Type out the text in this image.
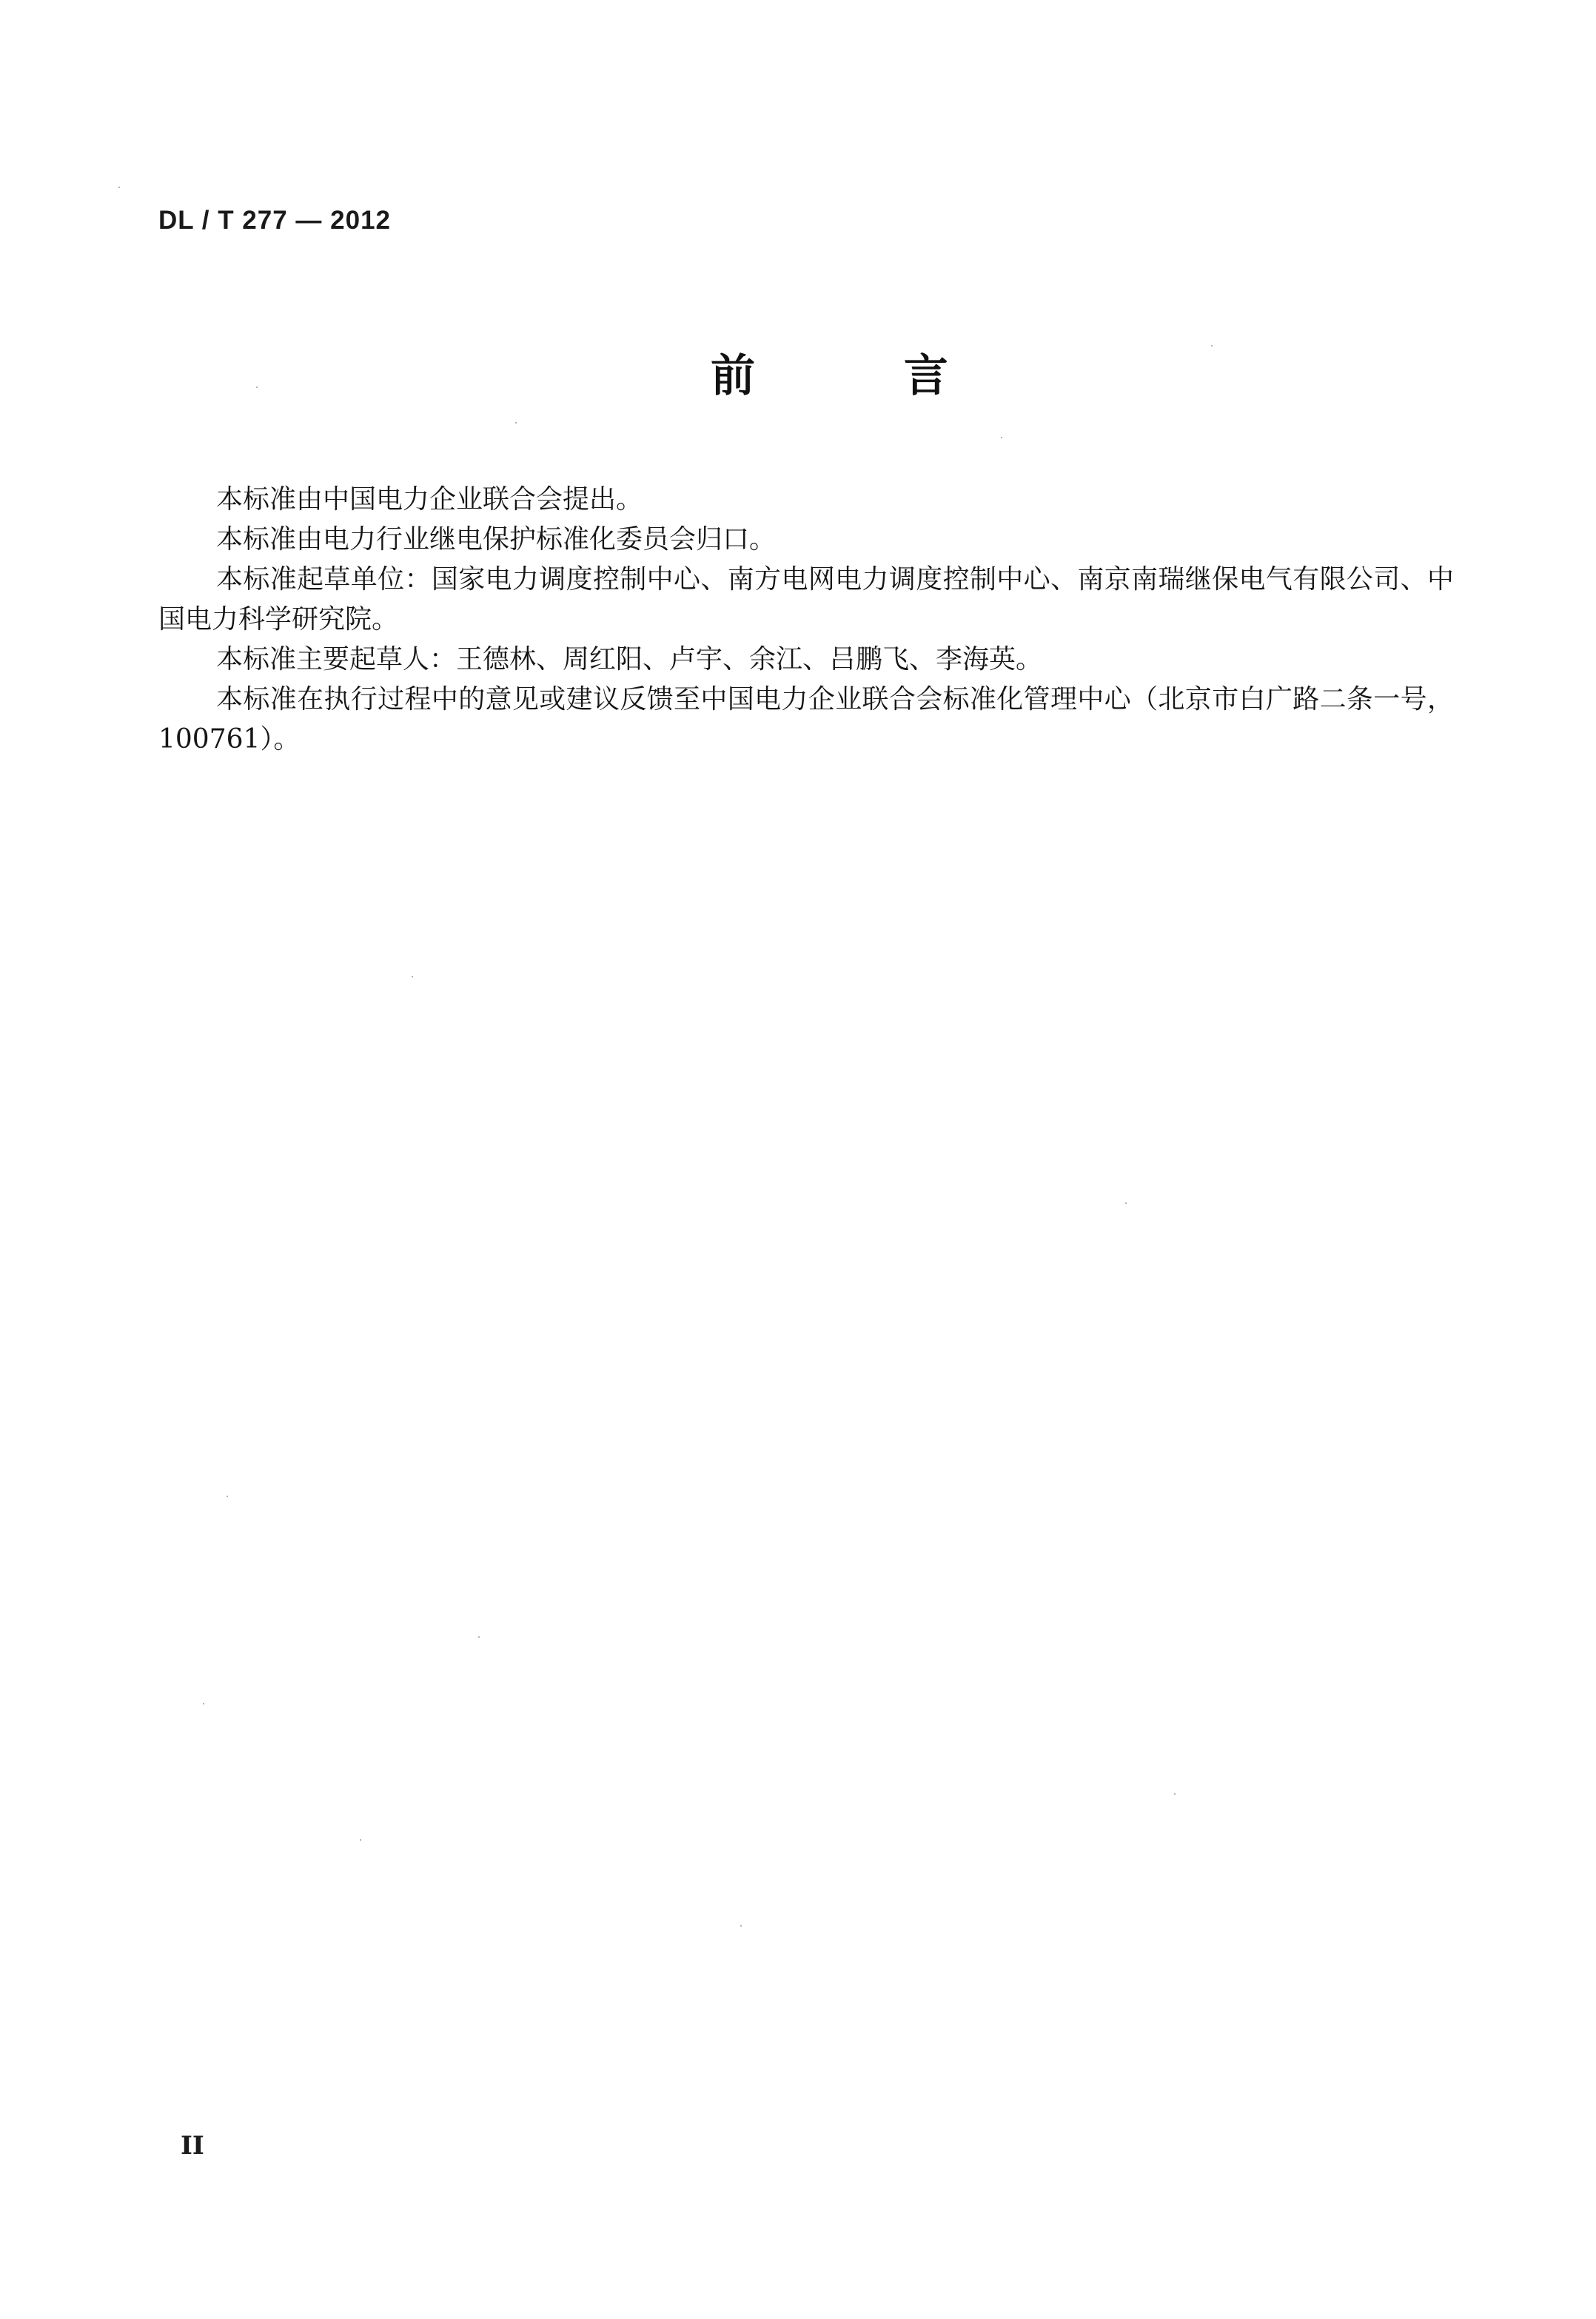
DL / T 277 — 2012
前 言

本标准由中国电力企业联合会提出。

本标准由电力行业继电保护标准化委员会归口。

本标准起草单位：国家电力调度控制中心、南方电网电力调度控制中心、南京南瑞继保电气有限公司、中国电力科学研究院。

本标准主要起草人：王德林、周红阳、卢宇、余江、吕鹏飞、李海英。

本标准在执行过程中的意见或建议反馈至中国电力企业联合会标准化管理中心（北京市白广路二条一号，100761）。

II
